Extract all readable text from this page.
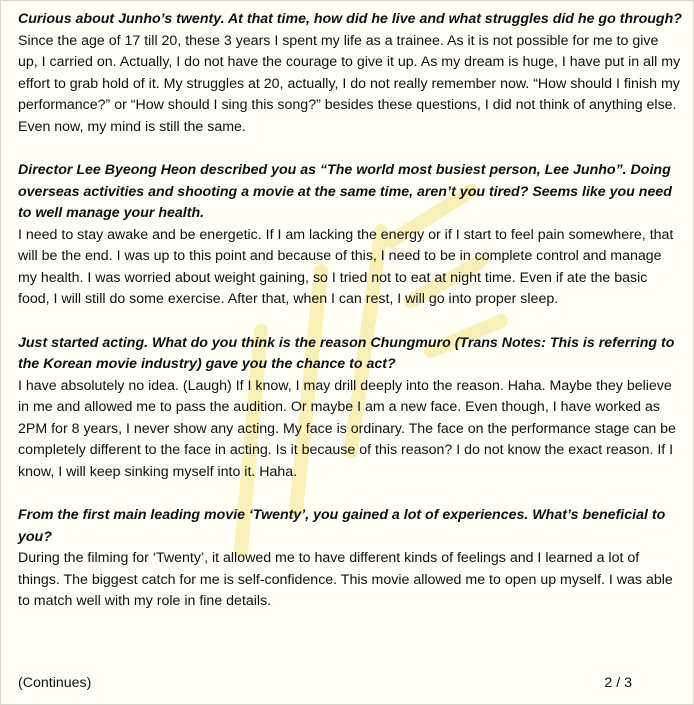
Curious about Junho’s twenty. At that time, how did he live and what struggles did he go through?

Since the age of 17 till 20, these 3 years I spent my life as a trainee. As it is not possible for me to give up, I carried on. Actually, I do not have the courage to give it up. As my dream is huge, I have put in all my effort to grab hold of it. My struggles at 20, actually, I do not really remember now. “How should I finish my performance?” or “How should I sing this song?” besides these questions, I did not think of anything else. Even now, my mind is still the same.

Director Lee Byeong Heon described you as “The world most busiest person, Lee Junho”. Doing overseas activities and shooting a movie at the same time, aren’t you tired? Seems like you need to well manage your health.

I need to stay awake and be energetic. If I am lacking the energy or if I start to feel pain somewhere, that will be the end. I was up to this point and because of this, I need to be in complete control and manage my health. I was worried about weight gaining, so I tried not to eat at night time. Even if ate the basic food, I will still do some exercise. After that, when I can rest, I will go into proper sleep.

Just started acting. What do you think is the reason Chungmuro (Trans Notes: This is referring to the Korean movie industry) gave you the chance to act?

I have absolutely no idea. (Laugh) If I know, I may drill deeply into the reason. Haha. Maybe they believe in me and allowed me to pass the audition. Or maybe I am a new face. Even though, I have worked as 2PM for 8 years, I never show any acting. My face is ordinary. The face on the performance stage can be completely different to the face in acting. Is it because of this reason? I do not know the exact reason. If I know, I will keep sinking myself into it. Haha.

From the first main leading movie ‘Twenty’, you gained a lot of experiences. What’s beneficial to you?

During the filming for ‘Twenty’, it allowed me to have different kinds of feelings and I learned a lot of things. The biggest catch for me is self-confidence. This movie allowed me to open up myself. I was able to match well with my role in fine details.

(Continues)	2 / 3
